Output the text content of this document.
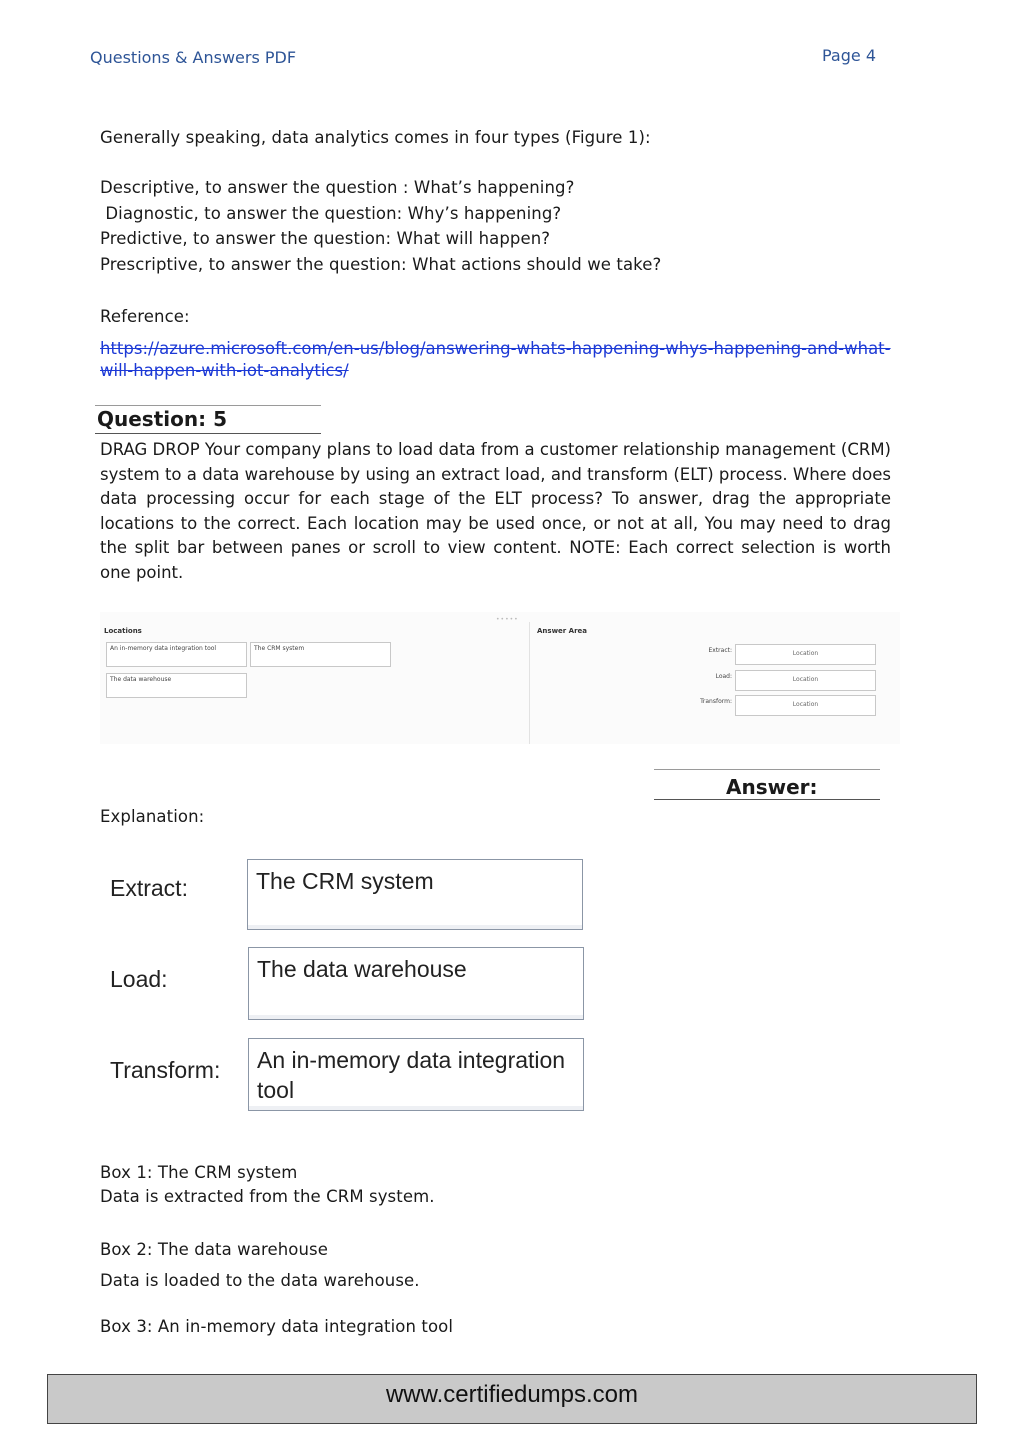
Questions & Answers PDF	Page 4
Generally speaking, data analytics comes in four types (Figure 1):
Descriptive, to answer the question : What’s happening?
Diagnostic, to answer the question: Why’s happening?
Predictive, to answer the question: What will happen?
Prescriptive, to answer the question: What actions should we take?
Reference:
https://azure.microsoft.com/en-us/blog/answering-whats-happening-whys-happening-and-what-
will-happen-with-iot-analytics/
Question: 5
DRAG DROP Your company plans to load data from a customer relationship management (CRM) system to a data warehouse by using an extract load, and transform (ELT) process. Where does data processing occur for each stage of the ELT process? To answer, drag the appropriate locations to the correct. Each location may be used once, or not at all, You may need to drag the split bar between panes or scroll to view content. NOTE: Each correct selection is worth one point.
Locations
An in-memory data integration tool	The CRM system
The data warehouse
•••••
Answer Area
Extract:	Location
Load:	Location
Transform:	Location
Answer:
Explanation:
Extract:	The CRM system
Load:	The data warehouse
Transform:	An in-memory data integration tool
Box 1: The CRM system
Data is extracted from the CRM system.
Box 2: The data warehouse
Data is loaded to the data warehouse.
Box 3: An in-memory data integration tool
www.certifiedumps.com
